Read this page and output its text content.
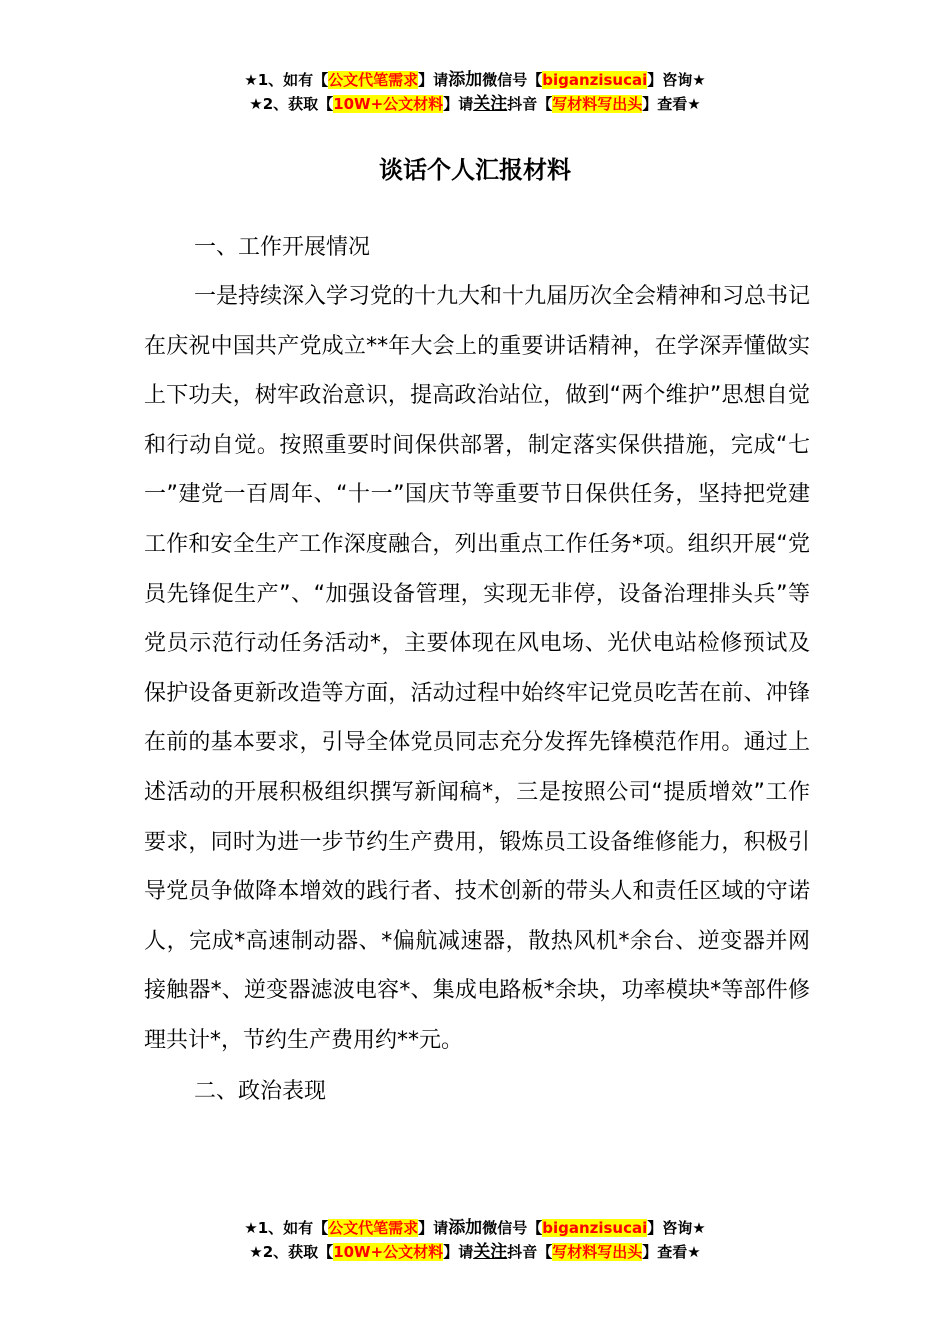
★1、如有【公文代笔需求】请添加微信号【biganzisucai】咨询★
★2、获取【10W+公文材料】请关注抖音【写材料写出头】查看★
谈话个人汇报材料
一、工作开展情况
一是持续深入学习党的十九大和十九届历次全会精神和习总书记在庆祝中国共产党成立**年大会上的重要讲话精神，在学深弄懂做实上下功夫，树牢政治意识，提高政治站位，做到“两个维护”思想自觉和行动自觉。按照重要时间保供部署，制定落实保供措施，完成“七一”建党一百周年、“十一”国庆节等重要节日保供任务，坚持把党建工作和安全生产工作深度融合，列出重点工作任务*项。组织开展“党员先锋促生产”、“加强设备管理，实现无非停，设备治理排头兵”等党员示范行动任务活动*，主要体现在风电场、光伏电站检修预试及保护设备更新改造等方面，活动过程中始终牢记党员吃苦在前、冲锋在前的基本要求，引导全体党员同志充分发挥先锋模范作用。通过上述活动的开展积极组织撰写新闻稿*，三是按照公司“提质增效”工作要求，同时为进一步节约生产费用，锻炼员工设备维修能力，积极引导党员争做降本增效的践行者、技术创新的带头人和责任区域的守诺人，完成*高速制动器、*偏航减速器，散热风机*余台、逆变器并网接触器*、逆变器滤波电容*、集成电路板*余块，功率模块*等部件修理共计*，节约生产费用约**元。
二、政治表现
★1、如有【公文代笔需求】请添加微信号【biganzisucai】咨询★
★2、获取【10W+公文材料】请关注抖音【写材料写出头】查看★
